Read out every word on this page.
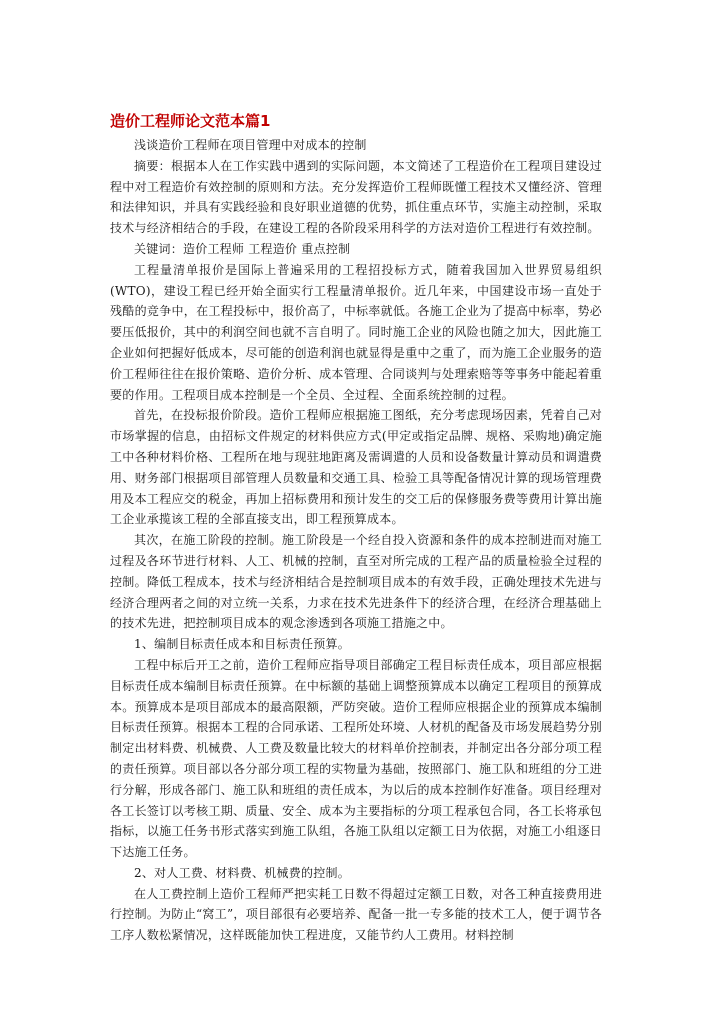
造价工程师论文范本篇1

浅谈造价工程师在项目管理中对成本的控制

摘要：根据本人在工作实践中遇到的实际问题，本文简述了工程造价在工程项目建设过程中对工程造价有效控制的原则和方法。充分发挥造价工程师既懂工程技术又懂经济、管理和法律知识，并具有实践经验和良好职业道德的优势，抓住重点环节，实施主动控制，采取技术与经济相结合的手段，在建设工程的各阶段采用科学的方法对造价工程进行有效控制。

关键词：造价工程师 工程造价 重点控制

工程量清单报价是国际上普遍采用的工程招投标方式，随着我国加入世界贸易组织(WTO)，建设工程已经开始全面实行工程量清单报价。近几年来，中国建设市场一直处于残酷的竞争中，在工程投标中，报价高了，中标率就低。各施工企业为了提高中标率，势必要压低报价，其中的利润空间也就不言自明了。同时施工企业的风险也随之加大，因此施工企业如何把握好低成本，尽可能的创造利润也就显得是重中之重了，而为施工企业服务的造价工程师往往在报价策略、造价分析、成本管理、合同谈判与处理索赔等等事务中能起着重要的作用。工程项目成本控制是一个全员、全过程、全面系统控制的过程。

首先，在投标报价阶段。造价工程师应根据施工图纸，充分考虑现场因素，凭着自己对市场掌握的信息，由招标文件规定的材料供应方式(甲定或指定品牌、规格、采购地)确定施工中各种材料价格、工程所在地与现驻地距离及需调遣的人员和设备数量计算动员和调遣费用、财务部门根据项目部管理人员数量和交通工具、检验工具等配备情况计算的现场管理费用及本工程应交的税金，再加上招标费用和预计发生的交工后的保修服务费等费用计算出施工企业承揽该工程的全部直接支出，即工程预算成本。

其次，在施工阶段的控制。施工阶段是一个经自投入资源和条件的成本控制进而对施工过程及各环节进行材料、人工、机械的控制，直至对所完成的工程产品的质量检验全过程的控制。降低工程成本，技术与经济相结合是控制项目成本的有效手段，正确处理技术先进与经济合理两者之间的对立统一关系，力求在技术先进条件下的经济合理，在经济合理基础上的技术先进，把控制项目成本的观念渗透到各项施工措施之中。

1、编制目标责任成本和目标责任预算。

工程中标后开工之前，造价工程师应指导项目部确定工程目标责任成本，项目部应根据目标责任成本编制目标责任预算。在中标额的基础上调整预算成本以确定工程项目的预算成本。预算成本是项目部成本的最高限额，严防突破。造价工程师应根据企业的预算成本编制目标责任预算。根据本工程的合同承诺、工程所处环境、人材机的配备及市场发展趋势分别制定出材料费、机械费、人工费及数量比较大的材料单价控制表，并制定出各分部分项工程的责任预算。项目部以各分部分项工程的实物量为基础，按照部门、施工队和班组的分工进行分解，形成各部门、施工队和班组的责任成本，为以后的成本控制作好准备。项目经理对各工长签订以考核工期、质量、安全、成本为主要指标的分项工程承包合同，各工长将承包指标，以施工任务书形式落实到施工队组，各施工队组以定额工日为依据，对施工小组逐日下达施工任务。

2、对人工费、材料费、机械费的控制。

在人工费控制上造价工程师严把实耗工日数不得超过定额工日数，对各工种直接费用进行控制。为防止“窝工”，项目部很有必要培养、配备一批一专多能的技术工人，便于调节各工序人数松紧情况，这样既能加快工程进度，又能节约人工费用。材料控制
